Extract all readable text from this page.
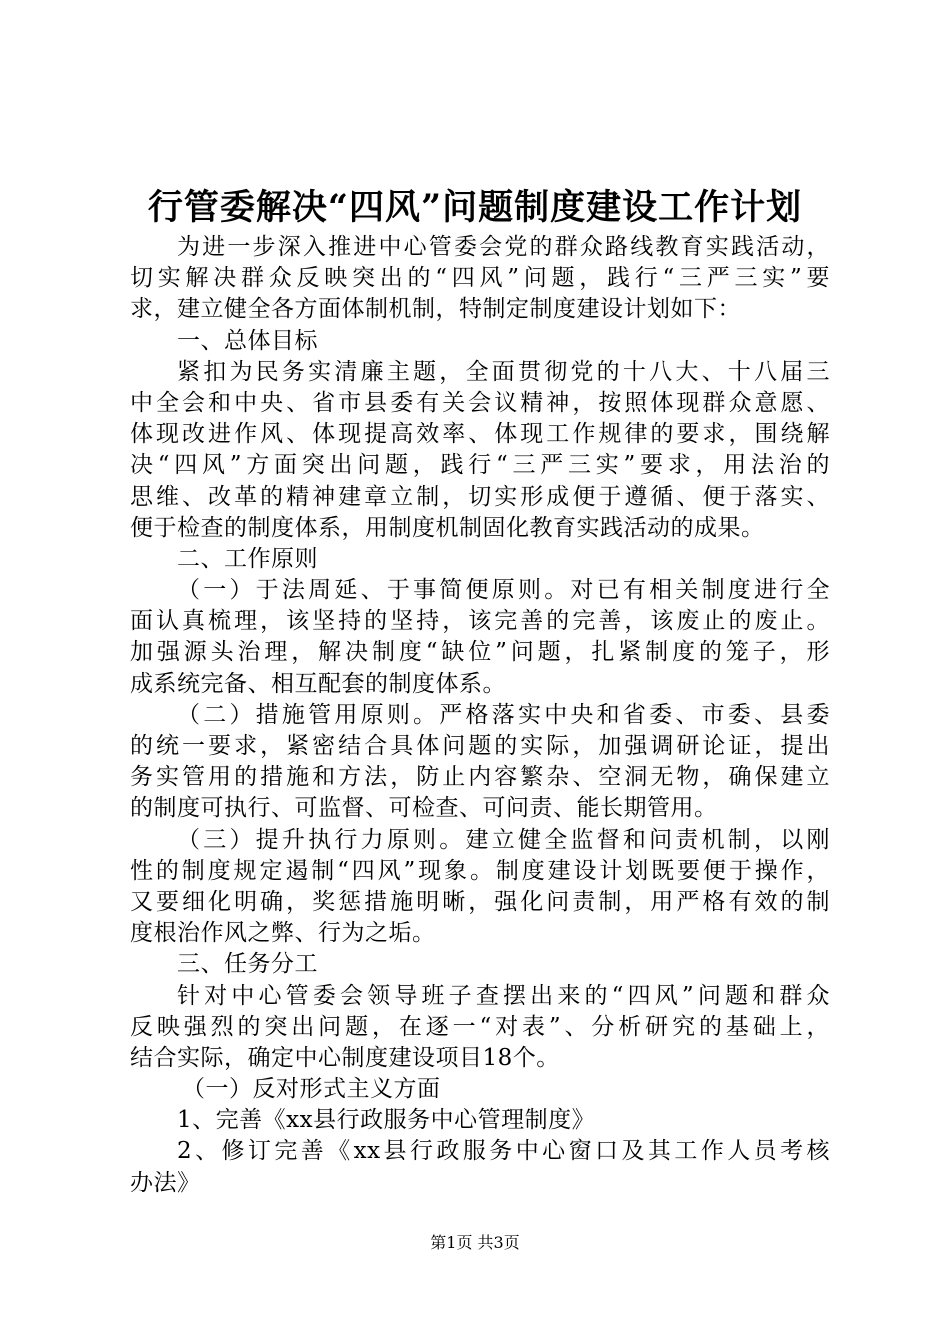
行管委解决“四风”问题制度建设工作计划
为进一步深入推进中心管委会党的群众路线教育实践活动，
切实解决群众反映突出的“四风”问题，践行“三严三实”要
求，建立健全各方面体制机制，特制定制度建设计划如下：
一、总体目标
紧扣为民务实清廉主题，全面贯彻党的十八大、十八届三
中全会和中央、省市县委有关会议精神，按照体现群众意愿、
体现改进作风、体现提高效率、体现工作规律的要求，围绕解
决“四风”方面突出问题，践行“三严三实”要求，用法治的
思维、改革的精神建章立制，切实形成便于遵循、便于落实、
便于检查的制度体系，用制度机制固化教育实践活动的成果。
二、工作原则
（一）于法周延、于事简便原则。对已有相关制度进行全
面认真梳理，该坚持的坚持，该完善的完善，该废止的废止。
加强源头治理，解决制度“缺位”问题，扎紧制度的笼子，形
成系统完备、相互配套的制度体系。
（二）措施管用原则。严格落实中央和省委、市委、县委
的统一要求，紧密结合具体问题的实际，加强调研论证，提出
务实管用的措施和方法，防止内容繁杂、空洞无物，确保建立
的制度可执行、可监督、可检查、可问责、能长期管用。
（三）提升执行力原则。建立健全监督和问责机制，以刚
性的制度规定遏制“四风”现象。制度建设计划既要便于操作，
又要细化明确，奖惩措施明晰，强化问责制，用严格有效的制
度根治作风之弊、行为之垢。
三、任务分工
针对中心管委会领导班子查摆出来的“四风”问题和群众
反映强烈的突出问题，在逐一“对表”、分析研究的基础上，
结合实际，确定中心制度建设项目18个。
（一）反对形式主义方面
1、完善《xx县行政服务中心管理制度》
2、修订完善《xx县行政服务中心窗口及其工作人员考核
办法》
第1页 共3页
